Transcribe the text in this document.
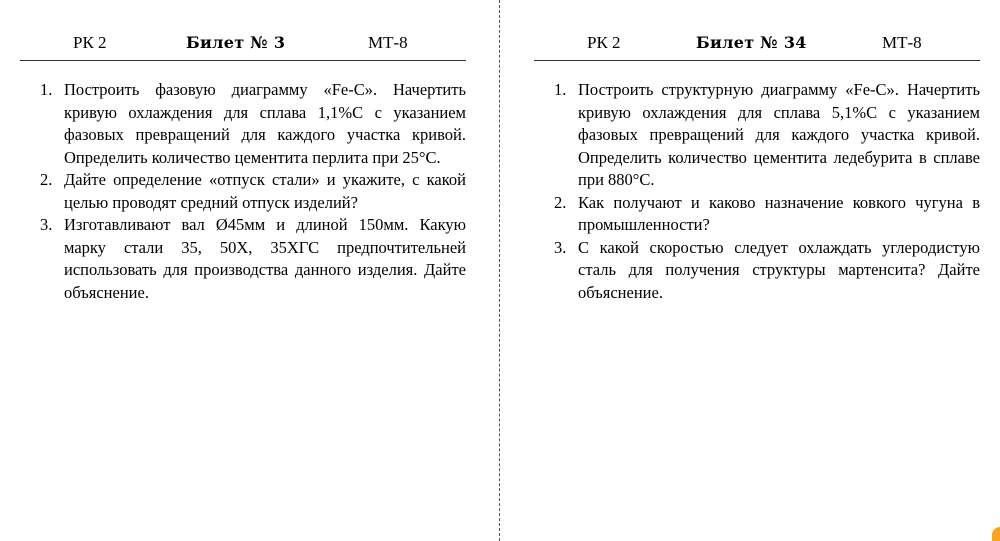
РК 2	Билет № 3	МТ-8
1. Построить фазовую диаграмму «Fe-C». Начертить кривую охлаждения для сплава 1,1%C с указанием фазовых превращений для каждого участка кривой. Определить количество цементита перлита при 25°C.
2. Дайте определение «отпуск стали» и укажите, с какой целью проводят средний отпуск изделий?
3. Изготавливают вал Ø45мм и длиной 150мм. Какую марку стали 35, 50Х, 35ХГС предпочтительней использовать для производства данного изделия. Дайте объяснение.
РК 2	Билет № 34	МТ-8
1. Построить структурную диаграмму «Fe-C». Начертить кривую охлаждения для сплава 5,1%C с указанием фазовых превращений для каждого участка кривой. Определить количество цементита ледебурита в сплаве при 880°C.
2. Как получают и каково назначение ковкого чугуна в промышленности?
3. С какой скоростью следует охлаждать углеродистую сталь для получения структуры мартенсита? Дайте объяснение.
